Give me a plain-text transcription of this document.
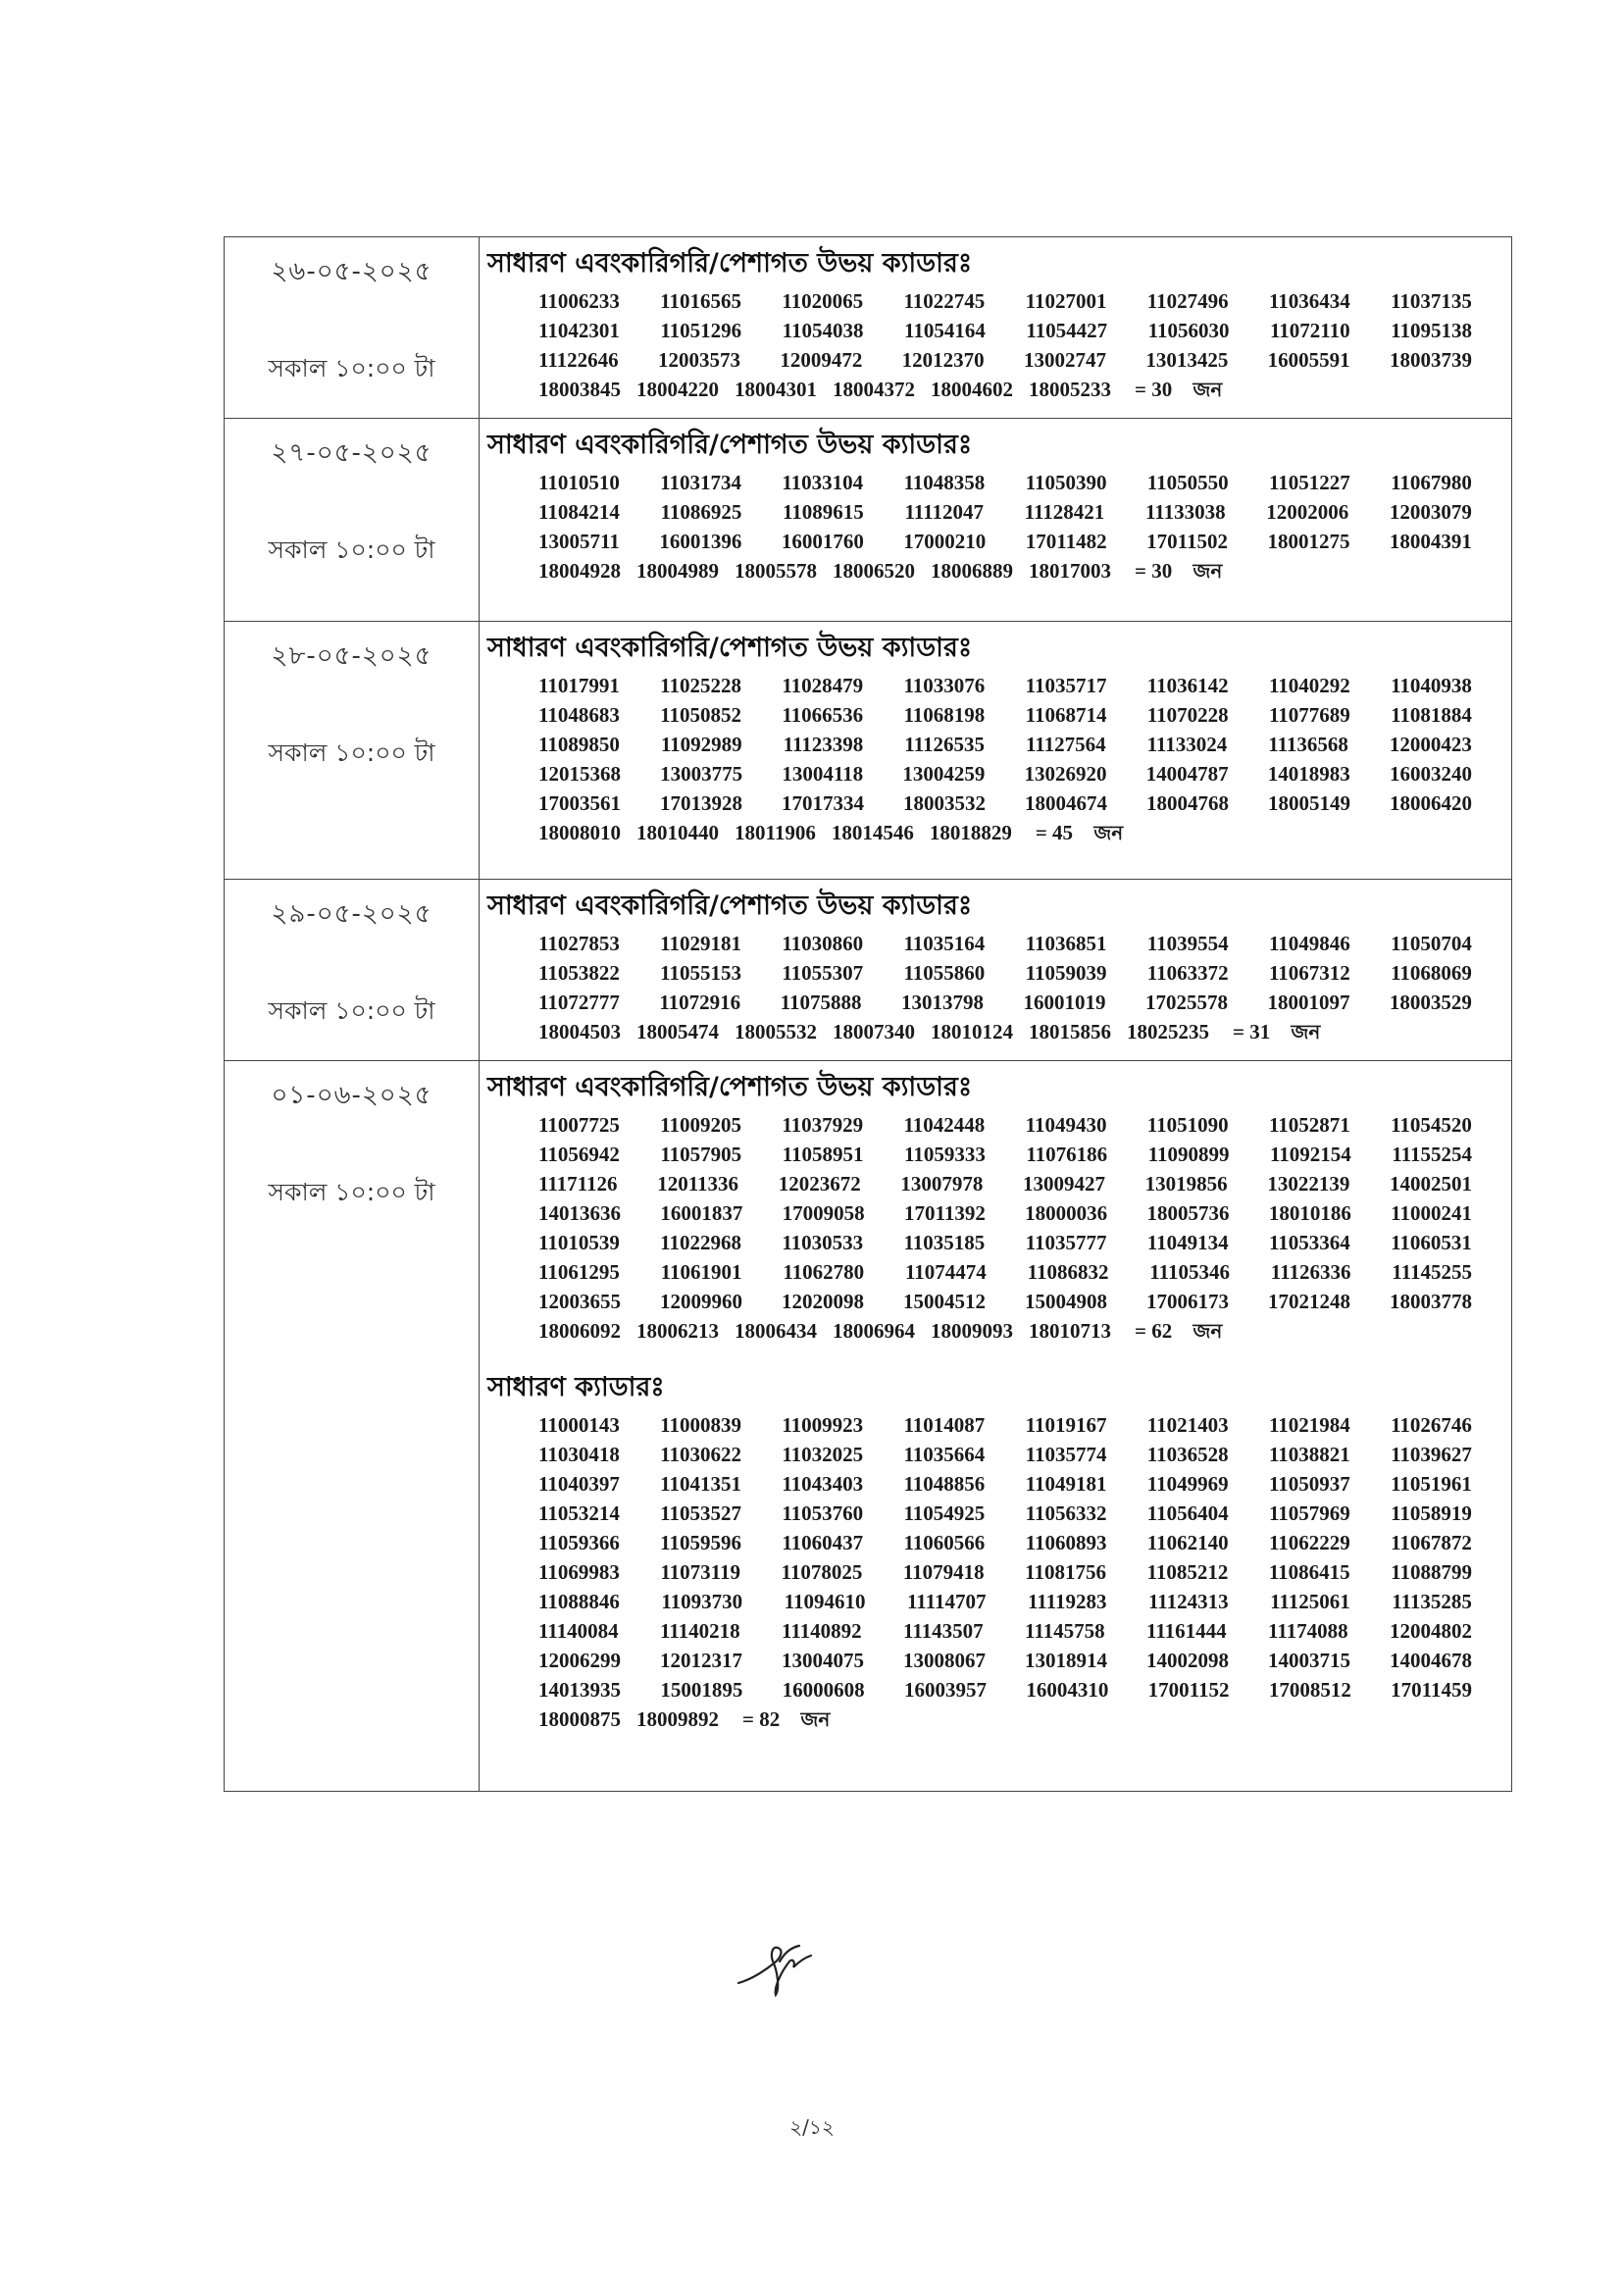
২৬-০৫-২০২৫
সকাল ১০:০০ টা
সাধারণ এবংকারিগরি/পেশাগত উভয় ক্যাডারঃ
11006233 11016565 11020065 11022745 11027001 11027496 11036434 11037135
11042301 11051296 11054038 11054164 11054427 11056030 11072110 11095138
11122646 12003573 12009472 12012370 13002747 13013425 16005591 18003739
18003845 18004220 18004301 18004372 18004602 18005233 = 30 জন
২৭-০৫-২০২৫
সকাল ১০:০০ টা
সাধারণ এবংকারিগরি/পেশাগত উভয় ক্যাডারঃ
11010510 11031734 11033104 11048358 11050390 11050550 11051227 11067980
11084214 11086925 11089615 11112047 11128421 11133038 12002006 12003079
13005711 16001396 16001760 17000210 17011482 17011502 18001275 18004391
18004928 18004989 18005578 18006520 18006889 18017003 = 30 জন
২৮-০৫-২০২৫
সকাল ১০:০০ টা
সাধারণ এবংকারিগরি/পেশাগত উভয় ক্যাডারঃ
11017991 11025228 11028479 11033076 11035717 11036142 11040292 11040938
11048683 11050852 11066536 11068198 11068714 11070228 11077689 11081884
11089850 11092989 11123398 11126535 11127564 11133024 11136568 12000423
12015368 13003775 13004118 13004259 13026920 14004787 14018983 16003240
17003561 17013928 17017334 18003532 18004674 18004768 18005149 18006420
18008010 18010440 18011906 18014546 18018829 = 45 জন
২৯-০৫-২০২৫
সকাল ১০:০০ টা
সাধারণ এবংকারিগরি/পেশাগত উভয় ক্যাডারঃ
11027853 11029181 11030860 11035164 11036851 11039554 11049846 11050704
11053822 11055153 11055307 11055860 11059039 11063372 11067312 11068069
11072777 11072916 11075888 13013798 16001019 17025578 18001097 18003529
18004503 18005474 18005532 18007340 18010124 18015856 18025235 = 31 জন
০১-০৬-২০২৫
সকাল ১০:০০ টা
সাধারণ এবংকারিগরি/পেশাগত উভয় ক্যাডারঃ
11007725 11009205 11037929 11042448 11049430 11051090 11052871 11054520
11056942 11057905 11058951 11059333 11076186 11090899 11092154 11155254
11171126 12011336 12023672 13007978 13009427 13019856 13022139 14002501
14013636 16001837 17009058 17011392 18000036 18005736 18010186 11000241
11010539 11022968 11030533 11035185 11035777 11049134 11053364 11060531
11061295 11061901 11062780 11074474 11086832 11105346 11126336 11145255
12003655 12009960 12020098 15004512 15004908 17006173 17021248 18003778
18006092 18006213 18006434 18006964 18009093 18010713 = 62 জন
সাধারণ ক্যাডারঃ
11000143 11000839 11009923 11014087 11019167 11021403 11021984 11026746
11030418 11030622 11032025 11035664 11035774 11036528 11038821 11039627
11040397 11041351 11043403 11048856 11049181 11049969 11050937 11051961
11053214 11053527 11053760 11054925 11056332 11056404 11057969 11058919
11059366 11059596 11060437 11060566 11060893 11062140 11062229 11067872
11069983 11073119 11078025 11079418 11081756 11085212 11086415 11088799
11088846 11093730 11094610 11114707 11119283 11124313 11125061 11135285
11140084 11140218 11140892 11143507 11145758 11161444 11174088 12004802
12006299 12012317 13004075 13008067 13018914 14002098 14003715 14004678
14013935 15001895 16000608 16003957 16004310 17001152 17008512 17011459
18000875 18009892 = 82 জন
২/১২
